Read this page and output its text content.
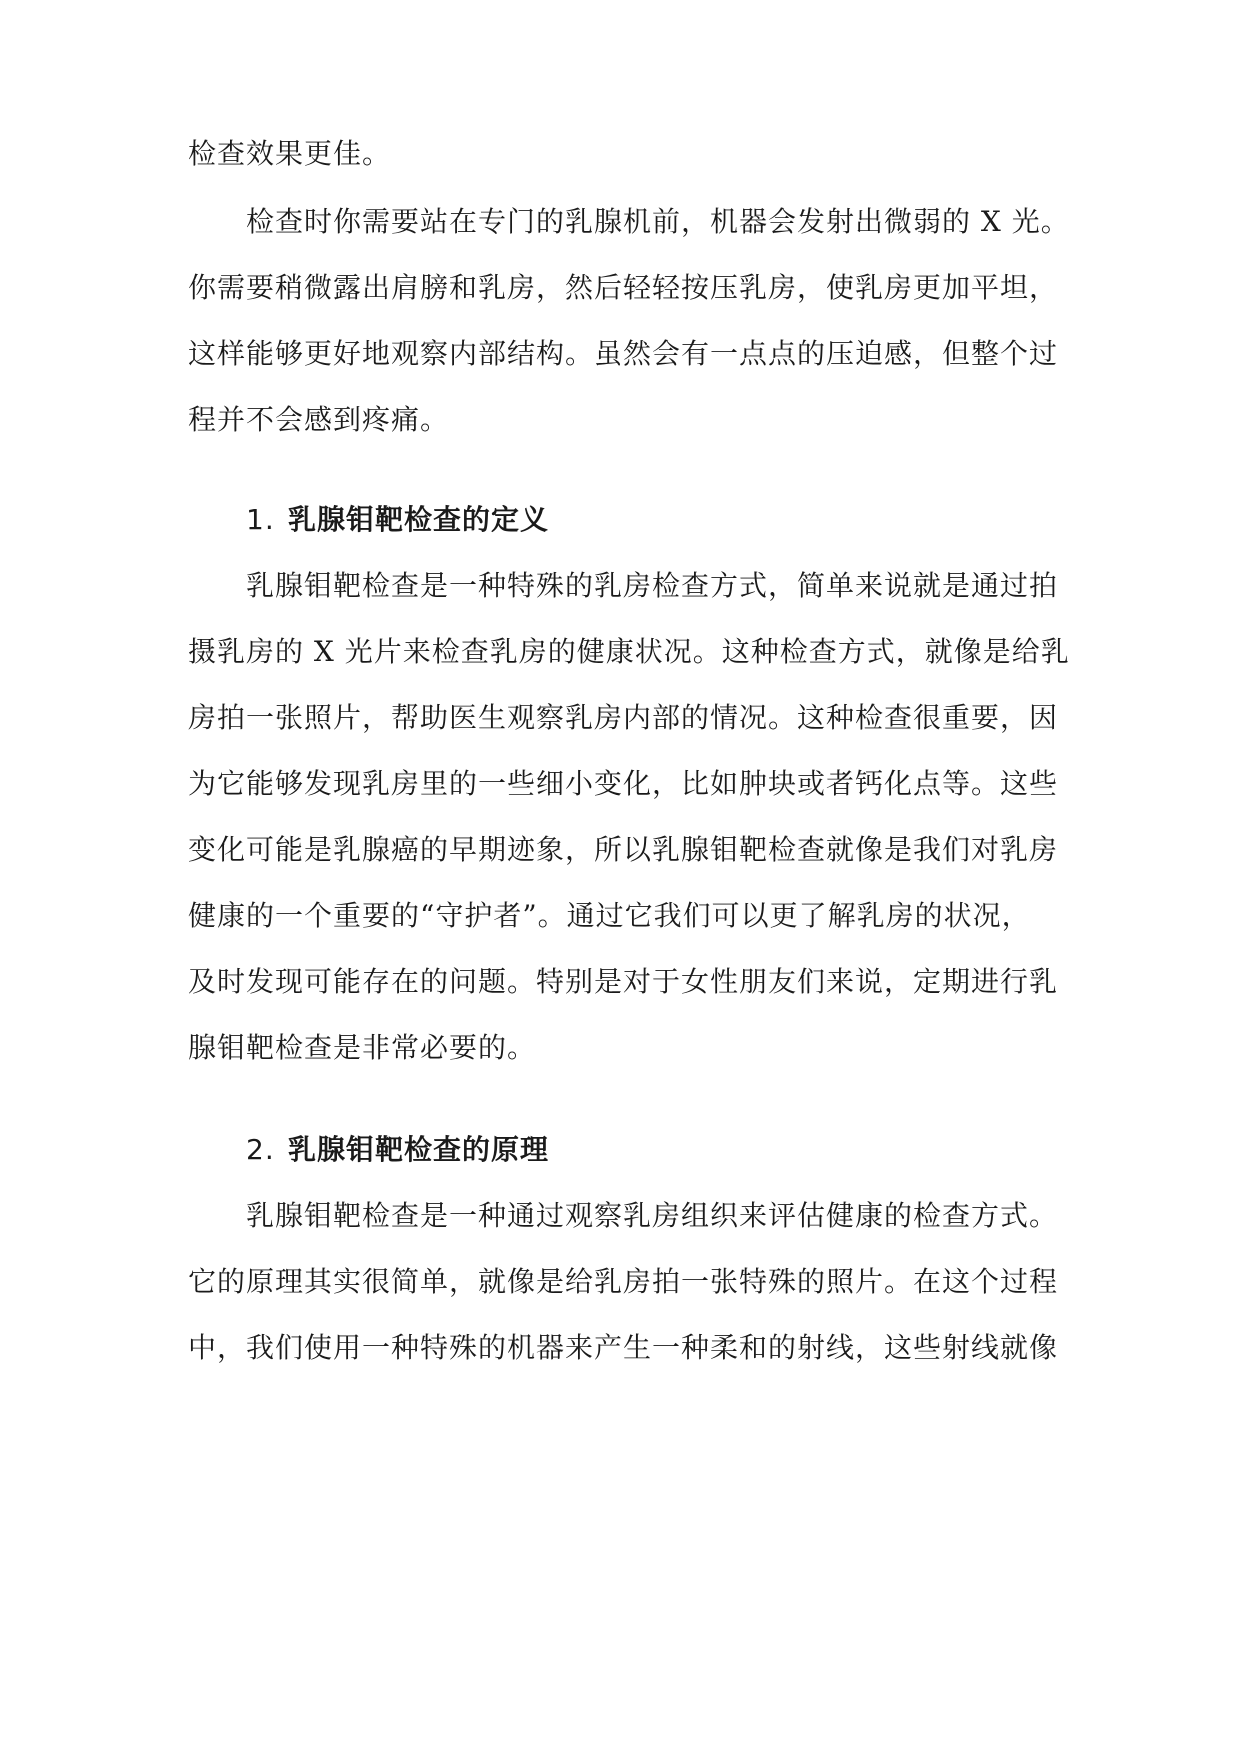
检查效果更佳。
检查时你需要站在专门的乳腺机前，机器会发射出微弱的 X 光。
你需要稍微露出肩膀和乳房，然后轻轻按压乳房，使乳房更加平坦，
这样能够更好地观察内部结构。虽然会有一点点的压迫感，但整个过
程并不会感到疼痛。
1. 乳腺钼靶检查的定义
乳腺钼靶检查是一种特殊的乳房检查方式，简单来说就是通过拍
摄乳房的 X 光片来检查乳房的健康状况。这种检查方式，就像是给乳
房拍一张照片，帮助医生观察乳房内部的情况。这种检查很重要，因
为它能够发现乳房里的一些细小变化，比如肿块或者钙化点等。这些
变化可能是乳腺癌的早期迹象，所以乳腺钼靶检查就像是我们对乳房
健康的一个重要的“守护者”。通过它我们可以更了解乳房的状况，
及时发现可能存在的问题。特别是对于女性朋友们来说，定期进行乳
腺钼靶检查是非常必要的。
2. 乳腺钼靶检查的原理
乳腺钼靶检查是一种通过观察乳房组织来评估健康的检查方式。
它的原理其实很简单，就像是给乳房拍一张特殊的照片。在这个过程
中，我们使用一种特殊的机器来产生一种柔和的射线，这些射线就像
